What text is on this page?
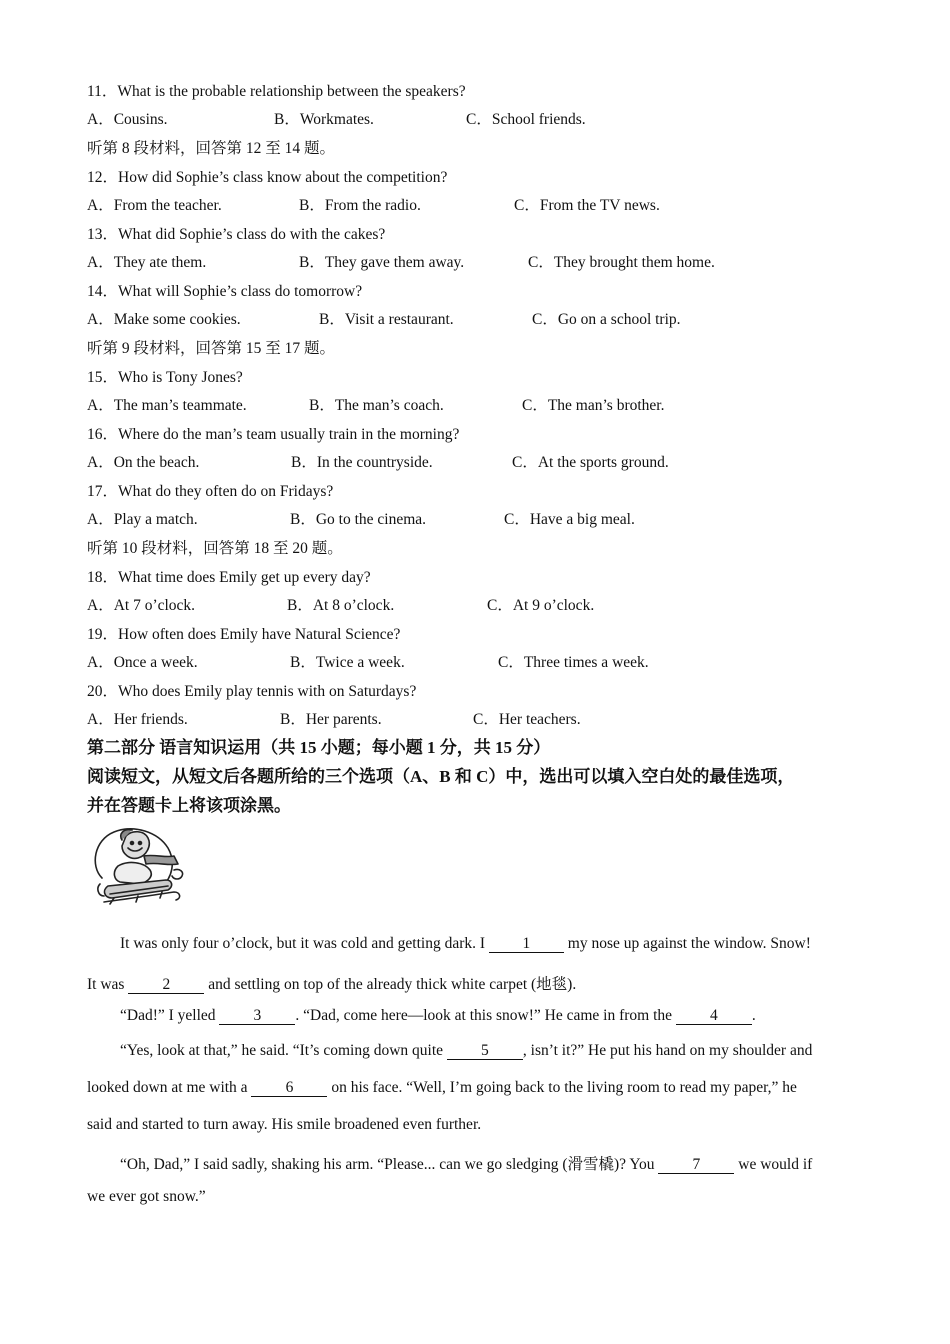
11．What is the probable relationship between the speakers?
A．Cousins.	B．Workmates.	C．School friends.
听第 8 段材料，回答第 12 至 14 题。
12．How did Sophie’s class know about the competition?
A．From the teacher.	B．From the radio.	C．From the TV news.
13．What did Sophie’s class do with the cakes?
A．They ate them.	B．They gave them away.	C．They brought them home.
14．What will Sophie’s class do tomorrow?
A．Make some cookies.	B．Visit a restaurant.	C．Go on a school trip.
听第 9 段材料，回答第 15 至 17 题。
15．Who is Tony Jones?
A．The man’s teammate.	B．The man’s coach.	C．The man’s brother.
16．Where do the man’s team usually train in the morning?
A．On the beach.	B．In the countryside.	C．At the sports ground.
17．What do they often do on Fridays?
A．Play a match.	B．Go to the cinema.	C．Have a big meal.
听第 10 段材料，回答第 18 至 20 题。
18．What time does Emily get up every day?
A．At 7 o’clock.	B．At 8 o’clock.	C．At 9 o’clock.
19．How often does Emily have Natural Science?
A．Once a week.	B．Twice a week.	C．Three times a week.
20．Who does Emily play tennis with on Saturdays?
A．Her friends.	B．Her parents.	C．Her teachers.
第二部分 语言知识运用（共 15 小题；每小题 1 分，共 15 分）
阅读短文，从短文后各题所给的三个选项（A、B 和 C）中，选出可以填入空白处的最佳选项，
并在答题卡上将该项涂黑。
It was only four o’clock, but it was cold and getting dark. I 1 my nose up against the window. Snow!
It was 2 and settling on top of the already thick white carpet (地毯).
“Dad!” I yelled 3 . “Dad, come here—look at this snow!” He came in from the 4 .
“Yes, look at that,” he said. “It’s coming down quite 5 , isn’t it?” He put his hand on my shoulder and
looked down at me with a 6 on his face. “Well, I’m going back to the living room to read my paper,” he
said and started to turn away. His smile broadened even further.
“Oh, Dad,” I said sadly, shaking his arm. “Please... can we go sledging (滑雪橇)? You 7 we would if
we ever got snow.”
